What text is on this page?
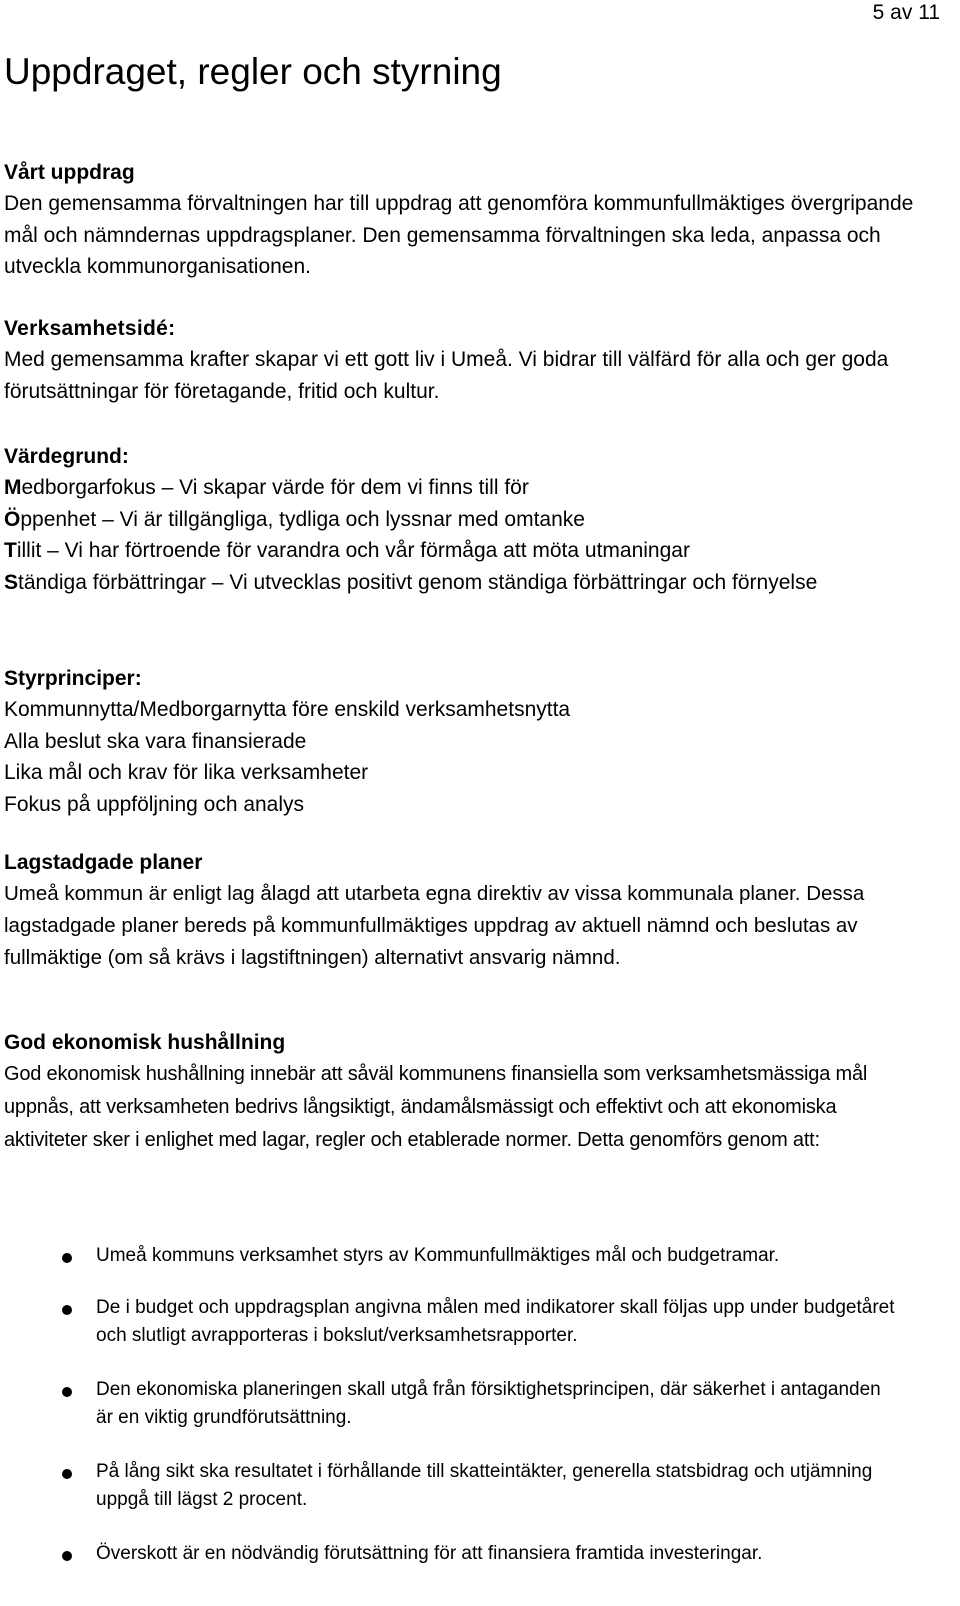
5 av 11
Uppdraget, regler och styrning
Vårt uppdrag
Den gemensamma förvaltningen har till uppdrag att genomföra kommunfullmäktiges övergripande mål och nämndernas uppdragsplaner. Den gemensamma förvaltningen ska leda, anpassa och utveckla kommunorganisationen.
Verksamhetsidé:
Med gemensamma krafter skapar vi ett gott liv i Umeå. Vi bidrar till välfärd för alla och ger goda förutsättningar för företagande, fritid och kultur.
Värdegrund:
Medborgarfokus – Vi skapar värde för dem vi finns till för
Öppenhet – Vi är tillgängliga, tydliga och lyssnar med omtanke
Tillit – Vi har förtroende för varandra och vår förmåga att möta utmaningar
Ständiga förbättringar – Vi utvecklas positivt genom ständiga förbättringar och förnyelse
Styrprinciper:
Kommunnytta/Medborgarnytta före enskild verksamhetsnytta
Alla beslut ska vara finansierade
Lika mål och krav för lika verksamheter
Fokus på uppföljning och analys
Lagstadgade planer
Umeå kommun är enligt lag ålagd att utarbeta egna direktiv av vissa kommunala planer. Dessa lagstadgade planer bereds på kommunfullmäktiges uppdrag av aktuell nämnd och beslutas av fullmäktige (om så krävs i lagstiftningen) alternativt ansvarig nämnd.
God ekonomisk hushållning
God ekonomisk hushållning innebär att såväl kommunens finansiella som verksamhetsmässiga mål uppnås, att verksamheten bedrivs långsiktigt, ändamålsmässigt och effektivt och att ekonomiska aktiviteter sker i enlighet med lagar, regler och etablerade normer. Detta genomförs genom att:
Umeå kommuns verksamhet styrs av Kommunfullmäktiges mål och budgetramar.
De i budget och uppdragsplan angivna målen med indikatorer skall följas upp under budgetåret och slutligt avrapporteras i bokslut/verksamhetsrapporter.
Den ekonomiska planeringen skall utgå från försiktighetsprincipen, där säkerhet i antaganden är en viktig grundförutsättning.
På lång sikt ska resultatet i förhållande till skatteintäkter, generella statsbidrag och utjämning uppgå till lägst 2 procent.
Överskott är en nödvändig förutsättning för att finansiera framtida investeringar.
